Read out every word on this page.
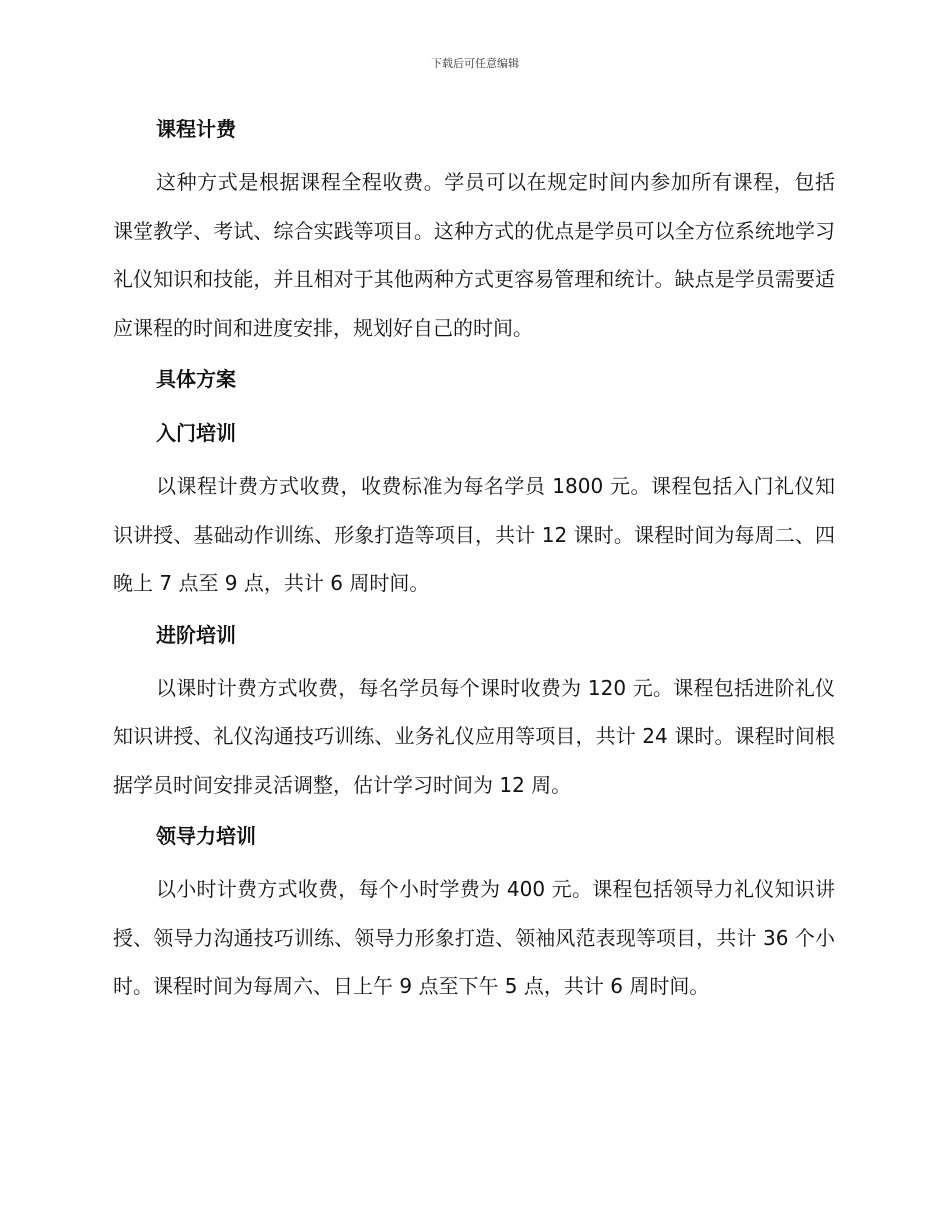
下载后可任意编辑
课程计费

这种方式是根据课程全程收费。学员可以在规定时间内参加所有课程，包括课堂教学、考试、综合实践等项目。这种方式的优点是学员可以全方位系统地学习礼仪知识和技能，并且相对于其他两种方式更容易管理和统计。缺点是学员需要适应课程的时间和进度安排，规划好自己的时间。

具体方案
入门培训

以课程计费方式收费，收费标准为每名学员 1800 元。课程包括入门礼仪知识讲授、基础动作训练、形象打造等项目，共计 12 课时。课程时间为每周二、四晚上 7 点至 9 点，共计 6 周时间。

进阶培训

以课时计费方式收费，每名学员每个课时收费为 120 元。课程包括进阶礼仪知识讲授、礼仪沟通技巧训练、业务礼仪应用等项目，共计 24 课时。课程时间根据学员时间安排灵活调整，估计学习时间为 12 周。

领导力培训

以小时计费方式收费，每个小时学费为 400 元。课程包括领导力礼仪知识讲授、领导力沟通技巧训练、领导力形象打造、领袖风范表现等项目，共计 36 个小时。课程时间为每周六、日上午 9 点至下午 5 点，共计 6 周时间。
